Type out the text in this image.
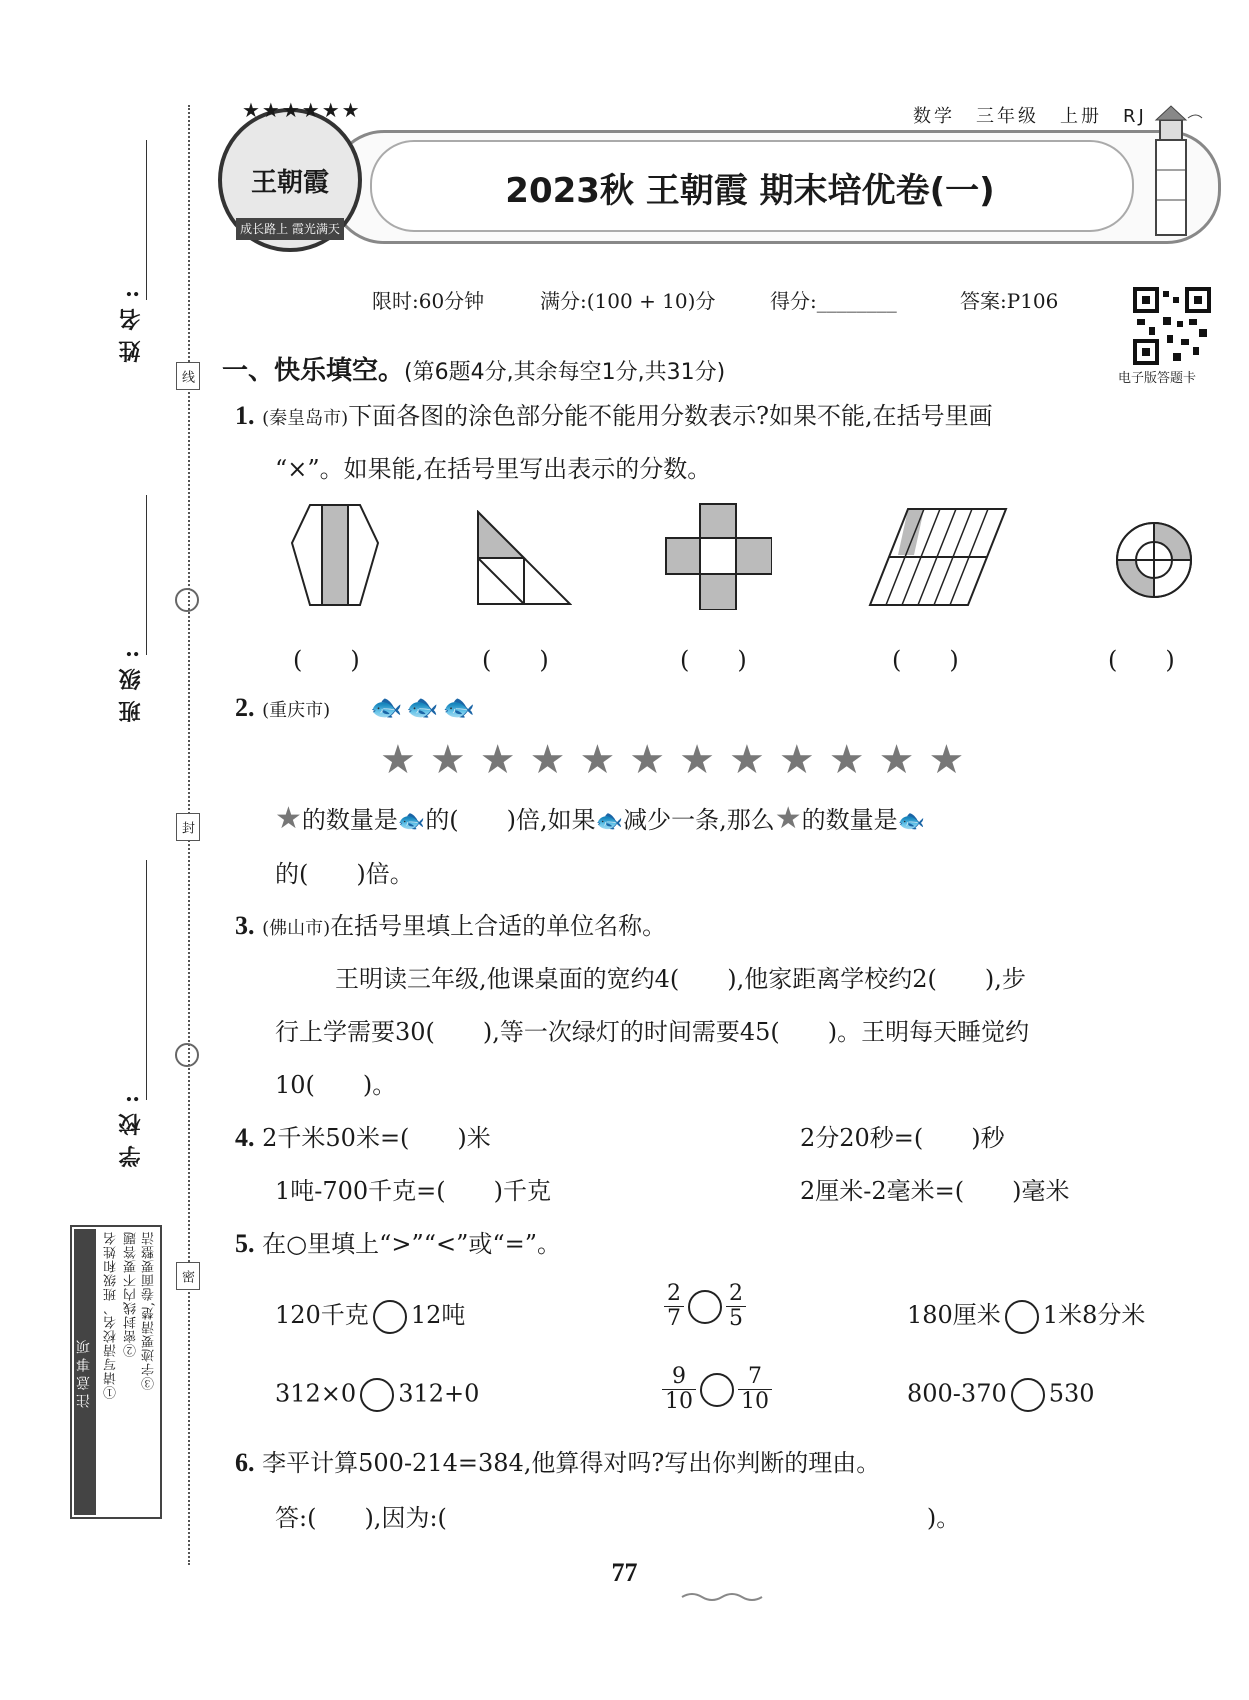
姓名:
班级:
学校:
线
封
密
注意事项 ①请写清校名、班级和姓名 ②密封线内不要答题 ③字迹要清楚,卷面要整洁
数学　三年级　上册　RJ
2023秋 王朝霞 期末培优卷(一)
★★★★★★
王朝霞
成长路上 霞光满天
限时:60分钟	满分:(100 + 10)分	得分:________	答案:P106
电子版答题卡
一、快乐填空。(第6题4分,其余每空1分,共31分)
1. (秦皇岛市)下面各图的涂色部分能不能用分数表示?如果不能,在括号里画
“×”。如果能,在括号里写出表示的分数。
(　　)	(　　)	(　　)	(　　)	(　　)
2. (重庆市) 🐟🐟🐟
★★★★★★★★★★★★
★的数量是🐟的(　　)倍,如果🐟减少一条,那么★的数量是🐟
的(　　)倍。
3. (佛山市)在括号里填上合适的单位名称。
王明读三年级,他课桌面的宽约4(　　),他家距离学校约2(　　),步
行上学需要30(　　),等一次绿灯的时间需要45(　　)。王明每天睡觉约
10(　　)。
4. 2千米50米=(　　)米	2分20秒=(　　)秒
1吨-700千克=(　　)千克	2厘米-2毫米=(　　)毫米
5. 在○里填上“>”“<”或“=”。
120千克 12吨	$\frac{2}{7} \frac{2}{5}$	180厘米 1米8分米
312×0 312+0	$\frac{9}{10} \frac{7}{10}$	800-370 530
6. 李平计算500-214=384,他算得对吗?写出你判断的理由。
答:(　　),因为:(　　　　　　　　　　　　　　　　　　　　)。
77
